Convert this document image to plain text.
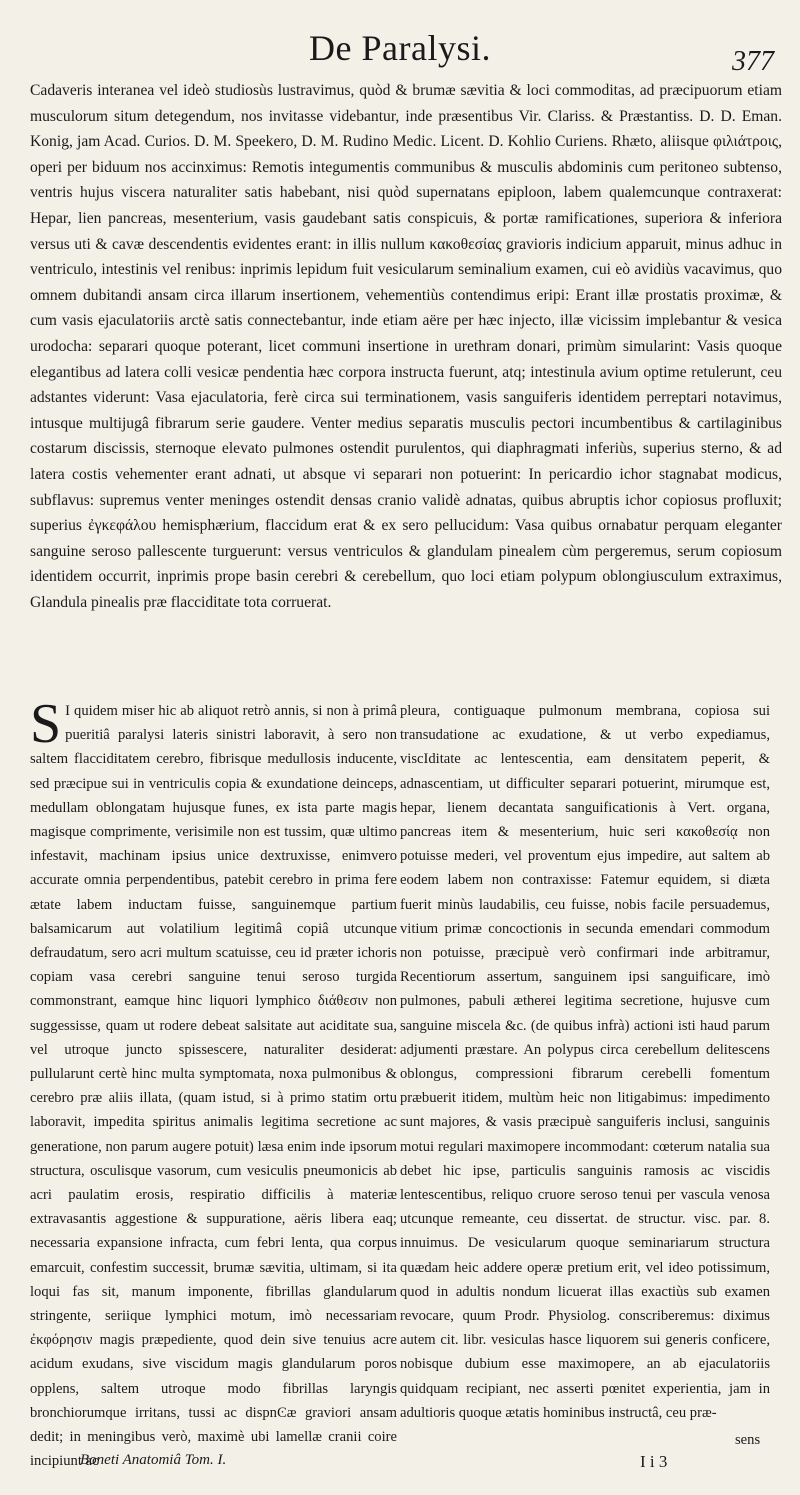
De Paralysi.	377
Cadaveris interanea vel ideò studiosùs lustravimus, quòd & brumæ sævitia & loci commoditas, ad præcipuorum etiam musculorum situm detegendum, nos invitasse videbantur, inde præsentibus Vir. Clariss. & Præstantiss. D. D. Eman. Konig, jam Acad. Curios. D. M. Speekero, D. M. Rudino Medic. Licent. D. Kohlio Curiens. Rhæto, aliisque φιλιάτροις, operi per biduum nos accinximus: Remotis integumentis communibus & musculis abdominis cum peritoneo subtenso, ventris hujus viscera naturaliter satis habebant, nisi quòd supernatans epiploon, labem qualemcunque contraxerat: Hepar, lien pancreas, mesenterium, vasis gaudebant satis conspicuis, & portæ ramificationes, superiora & inferiora versus uti & cavæ descendentis evidentes erant: in illis nullum κακοθεσίας gravioris indicium apparuit, minus adhuc in ventriculo, intestinis vel renibus: inprimis lepidum fuit vesicularum seminalium examen, cui eò avidiùs vacavimus, quo omnem dubitandi ansam circa illarum insertionem, vehementiùs contendimus eripi: Erant illæ prostatis proximæ, & cum vasis ejaculatoriis arctè satis connectebantur, inde etiam aëre per hæc injecto, illæ vicissim implebantur & vesica urodocha: separari quoque poterant, licet communi insertione in urethram donari, primùm simularint: Vasis quoque elegantibus ad latera colli vesicæ pendentia hæc corpora instructa fuerunt, atq; intestinula avium optime retulerunt, ceu adstantes viderunt: Vasa ejaculatoria, ferè circa sui terminationem, vasis sanguiferis identidem perreptari notavimus, intusque multijugâ fibrarum serie gaudere. Venter medius separatis musculis pectori incumbentibus & cartilaginibus costarum discissis, sternoque elevato pulmones ostendit purulentos, qui diaphragmati inferiùs, superius sterno, & ad latera costis vehementer erant adnati, ut absque vi separari non potuerint: In pericardio ichor stagnabat modicus, subflavus: supremus venter meninges ostendit densas cranio validè adnatas, quibus abruptis ichor copiosus profluxit; superius ἐγκεφάλου hemisphærium, flaccidum erat & ex sero pellucidum: Vasa quibus ornabatur perquam eleganter sanguine seroso pallescente turguerunt: versus ventriculos & glandulam pinealem cùm pergeremus, serum copiosum identidem occurrit, inprimis prope basin cerebri & cerebellum, quo loci etiam polypum oblongiusculum extraximus, Glandula pinealis præ flacciditate tota corruerat.
S I quidem miser hic ab aliquot retrò annis, si non à primâ pueritiâ paralysi lateris sinistri laboravit, à sero non saltem flacciditatem cerebro, fibrisque medullosis inducente, sed præcipue sui in ventriculis copia & exundatione deinceps, medullam oblongatam hujusque funes, ex ista parte magis magisque comprimente, verisimile non est tussim, quæ ultimo infestavit, machinam ipsius unice dextruxisse, enimvero accurate omnia perpendentibus, patebit cerebro in prima fere ætate labem inductam fuisse, sanguinemque partium balsamicarum aut volatilium legitimâ copiâ utcunque defraudatum, sero acri multum scatuisse, ceu id præter ichoris copiam vasa cerebri sanguine tenui seroso turgida commonstrant, eamque hinc liquori lymphico διάθεσιν non suggessisse, quam ut rodere debeat salsitate aut aciditate sua, vel utroque juncto spissescere, naturaliter desiderat: pullularunt certè hinc multa symptomata, noxa pulmonibus & cerebro præ aliis illata, (quam istud, si à primo statim ortu laboravit, impedita spiritus animalis legitima secretione ac generatione, non parum augere potuit) læsa enim inde ipsorum structura, osculisque vasorum, cum vesiculis pneumonicis ab acri paulatim erosis, respiratio difficilis à materiæ extravasantis aggestione & suppuratione, aëris libera eaq; necessaria expansione infracta, cum febri lenta, qua corpus emarcuit, confestim successit, brumæ sævitia, ultimam, si ita loqui fas sit, manum imponente, fibrillas glandularum stringente, seriique lymphici motum, imò necessariam ἐκφόρησιν magis præpediente, quod dein sive tenuius acre acidum exudans, sive viscidum magis glandularum poros opplens, saltem utroque modo fibrillas laryngis bronchiorumque irritans, tussi ac dispnϾæ graviori ansam dedit; in meningibus verò, maximè ubi lamellæ cranii coire incipiunt ac
pleura, contiguaque pulmonum membrana, copiosa sui transudatione ac exudatione, & ut verbo expediamus, viscIditate ac lentescentia, eam densitatem peperit, & adnascentiam, ut difficulter separari potuerint, mirumque est, hepar, lienem decantata sanguificationis à Vert. organa, pancreas item & mesenterium, huic seri κακοθεσίᾳ non potuisse mederi, vel proventum ejus impedire, aut saltem ab eodem labem non contraxisse: Fatemur equidem, si diæta fuerit minùs laudabilis, ceu fuisse, nobis facile persuademus, vitium primæ concoctionis in secunda emendari commodum non potuisse, præcipuè verò confirmari inde arbitramur, Recentiorum assertum, sanguinem ipsi sanguificare, imò pulmones, pabuli ætherei legitima secretione, hujusve cum sanguine miscela &c. (de quibus infrà) actioni isti haud parum adjumenti præstare. An polypus circa cerebellum delitescens oblongus, compressioni fibrarum cerebelli fomentum præbuerit itidem, multùm heic non litigabimus: impedimento sunt majores, & vasis præcipuè sanguiferis inclusi, sanguinis motui regulari maximopere incommodant: cœterum natalia sua debet hic ipse, particulis sanguinis ramosis ac viscidis lentescentibus, reliquo cruore seroso tenui per vascula venosa utcunque remeante, ceu dissertat. de structur. visc. par. 8. innuimus. De vesicularum quoque seminariarum structura quædam heic addere operæ pretium erit, vel ideo potissimum, quod in adultis nondum licuerat illas exactiùs sub examen revocare, quum Prodr. Physiolog. conscriberemus: diximus autem cit. libr. vesiculas hasce liquorem sui generis conficere, nobisque dubium esse maximopere, an ab ejaculatoriis quidquam recipiant, nec asserti pœnitet experientia, jam in adultioris quoque ætatis hominibus instructâ, ceu præ-
sens
Boneti Anatomiâ Tom. I.	I i 3
